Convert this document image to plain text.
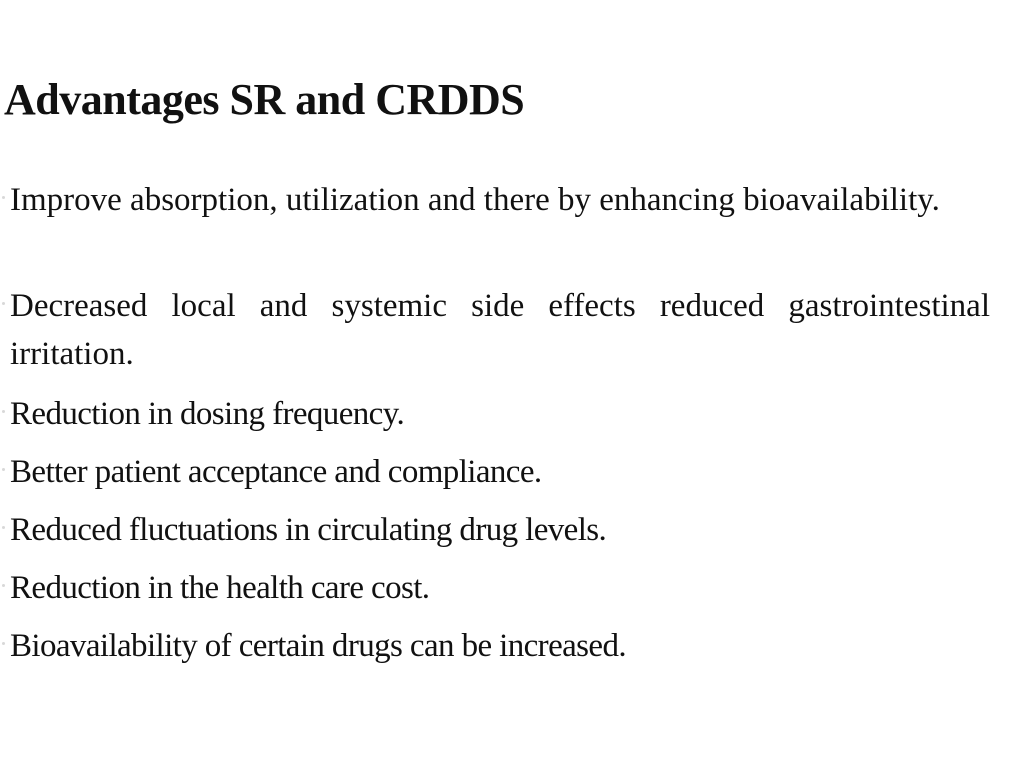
Advantages SR and CRDDS
Improve absorption, utilization and there by enhancing bioavailability.
Decreased local and systemic side effects reduced gastrointestinal irritation.
Reduction in dosing frequency.
Better patient acceptance and compliance.
Reduced fluctuations in circulating drug levels.
Reduction in the health care cost.
Bioavailability of certain drugs can be increased.
